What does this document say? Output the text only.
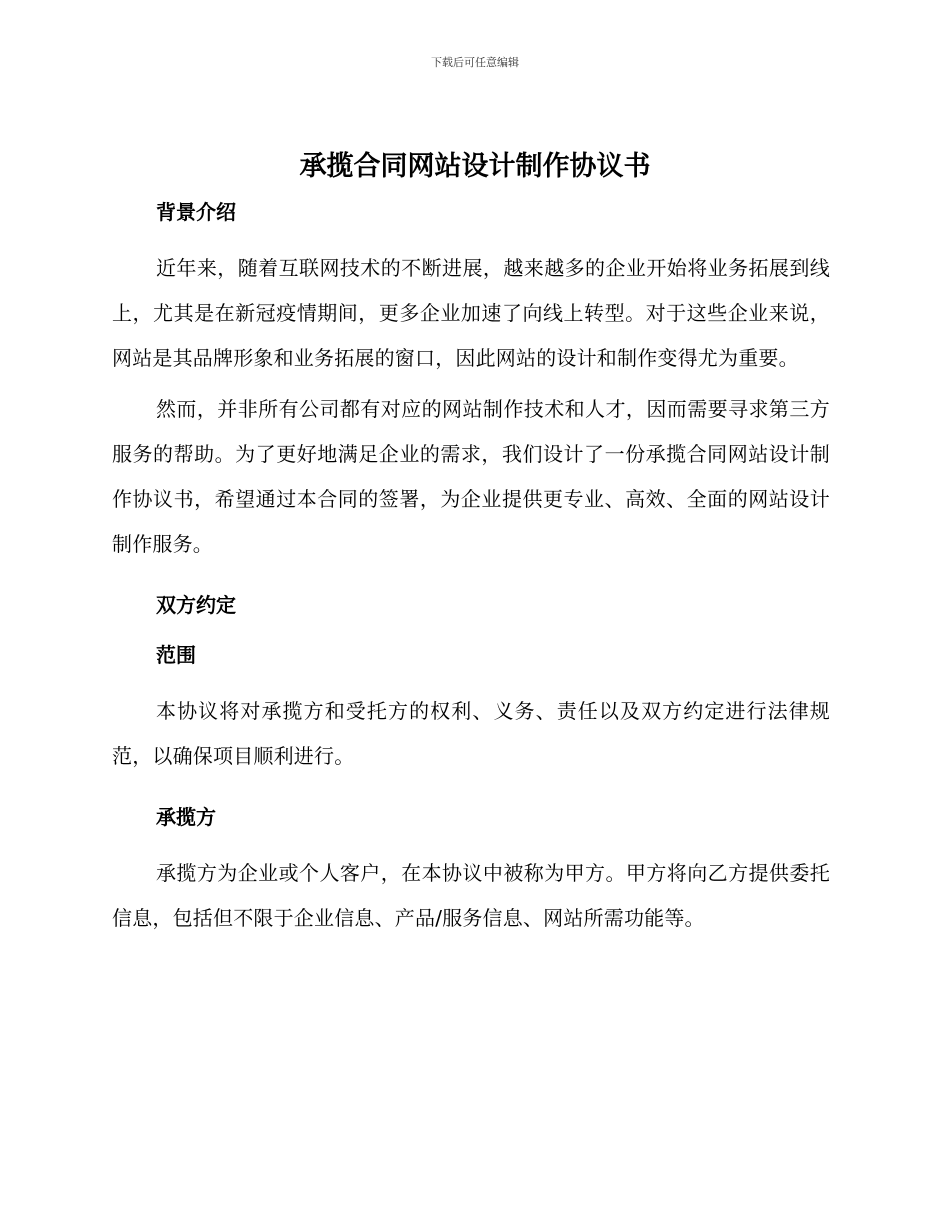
下载后可任意编辑
承揽合同网站设计制作协议书

背景介绍

近年来，随着互联网技术的不断进展，越来越多的企业开始将业务拓展到线上，尤其是在新冠疫情期间，更多企业加速了向线上转型。对于这些企业来说，网站是其品牌形象和业务拓展的窗口，因此网站的设计和制作变得尤为重要。

然而，并非所有公司都有对应的网站制作技术和人才，因而需要寻求第三方服务的帮助。为了更好地满足企业的需求，我们设计了一份承揽合同网站设计制作协议书，希望通过本合同的签署，为企业提供更专业、高效、全面的网站设计制作服务。

双方约定

范围

本协议将对承揽方和受托方的权利、义务、责任以及双方约定进行法律规范，以确保项目顺利进行。

承揽方

承揽方为企业或个人客户，在本协议中被称为甲方。甲方将向乙方提供委托信息，包括但不限于企业信息、产品/服务信息、网站所需功能等。
